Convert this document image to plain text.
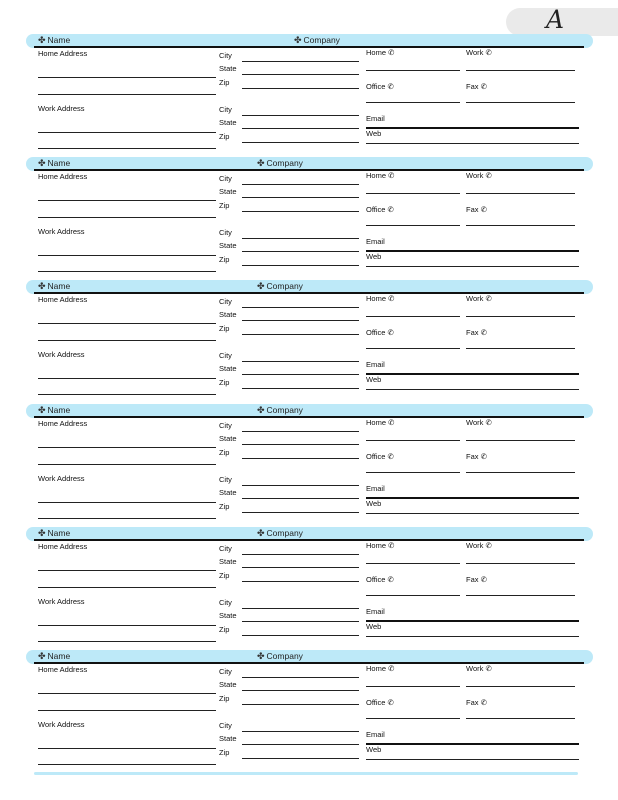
A
✤ Name	✤ Company
Home Address
Work Address
City
State
Zip
City
State
Zip
Home ✆	Work ✆
Office ✆	Fax ✆
Email
Web
✤ Name	✤ Company
Home Address
Work Address
City
State
Zip
City
State
Zip
Home ✆	Work ✆
Office ✆	Fax ✆
Email
Web
✤ Name	✤ Company
Home Address
Work Address
City
State
Zip
City
State
Zip
Home ✆	Work ✆
Office ✆	Fax ✆
Email
Web
✤ Name	✤ Company
Home Address
Work Address
City
State
Zip
City
State
Zip
Home ✆	Work ✆
Office ✆	Fax ✆
Email
Web
✤ Name	✤ Company
Home Address
Work Address
City
State
Zip
City
State
Zip
Home ✆	Work ✆
Office ✆	Fax ✆
Email
Web
✤ Name	✤ Company
Home Address
Work Address
City
State
Zip
City
State
Zip
Home ✆	Work ✆
Office ✆	Fax ✆
Email
Web
